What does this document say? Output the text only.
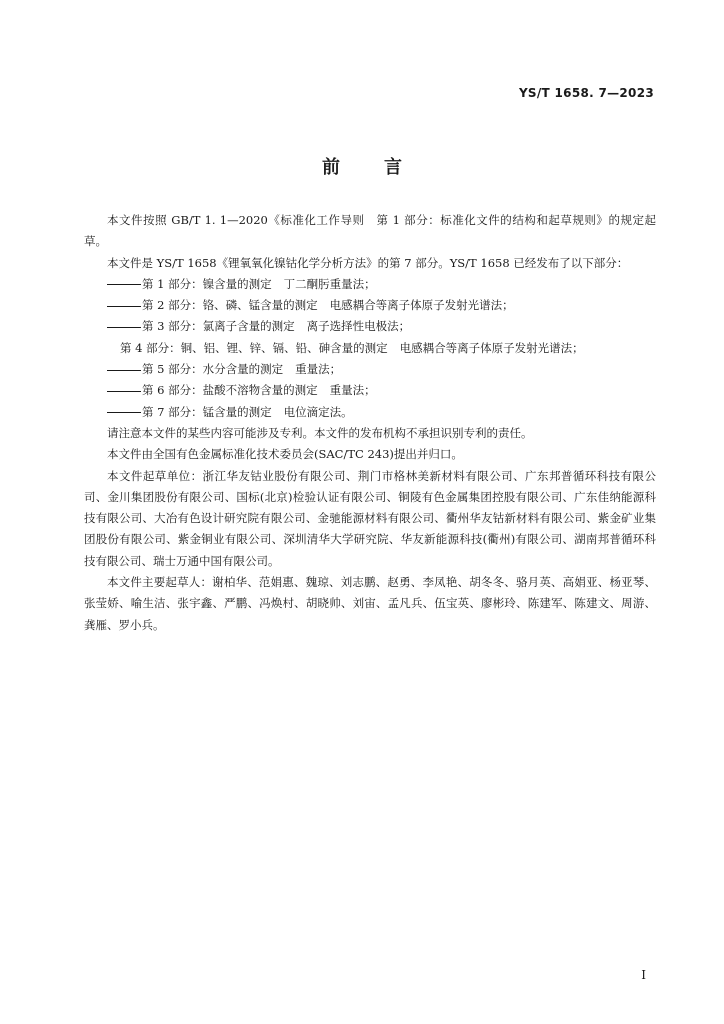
YS/T 1658. 7—2023
前言

本文件按照 GB/T 1. 1—2020《标准化工作导则　第 1 部分：标准化文件的结构和起草规则》的规定起草。

本文件是 YS/T 1658《锂氧氧化镍钴化学分析方法》的第 7 部分。YS/T 1658 已经发布了以下部分：

第 1 部分：镍含量的测定 丁二酮肟重量法；
第 2 部分：铬、磷、锰含量的测定 电感耦合等离子体原子发射光谱法；
第 3 部分：氯离子含量的测定 离子选择性电极法；
第 4 部分：铜、铝、锂、锌、镉、铅、砷含量的测定 电感耦合等离子体原子发射光谱法；
第 5 部分：水分含量的测定 重量法；
第 6 部分：盐酸不溶物含量的测定 重量法；
第 7 部分：锰含量的测定 电位滴定法。

请注意本文件的某些内容可能涉及专利。本文件的发布机构不承担识别专利的责任。

本文件由全国有色金属标准化技术委员会(SAC/TC 243)提出并归口。

本文件起草单位：浙江华友钴业股份有限公司、荆门市格林美新材料有限公司、广东邦普循环科技有限公司、金川集团股份有限公司、国标(北京)检验认证有限公司、铜陵有色金属集团控股有限公司、广东佳纳能源科技有限公司、大冶有色设计研究院有限公司、金驰能源材料有限公司、衢州华友钴新材料有限公司、紫金矿业集团股份有限公司、紫金铜业有限公司、深圳清华大学研究院、华友新能源科技(衢州)有限公司、湖南邦普循环科技有限公司、瑞士万通中国有限公司。

本文件主要起草人：谢柏华、范娟惠、魏琼、刘志鹏、赵勇、李凤艳、胡冬冬、骆月英、高娟亚、杨亚琴、张莹娇、喻生洁、张宇鑫、严鹏、冯焕村、胡晓帅、刘宙、孟凡兵、伍宝英、廖彬玲、陈建军、陈建文、周游、龚雁、罗小兵。

I
